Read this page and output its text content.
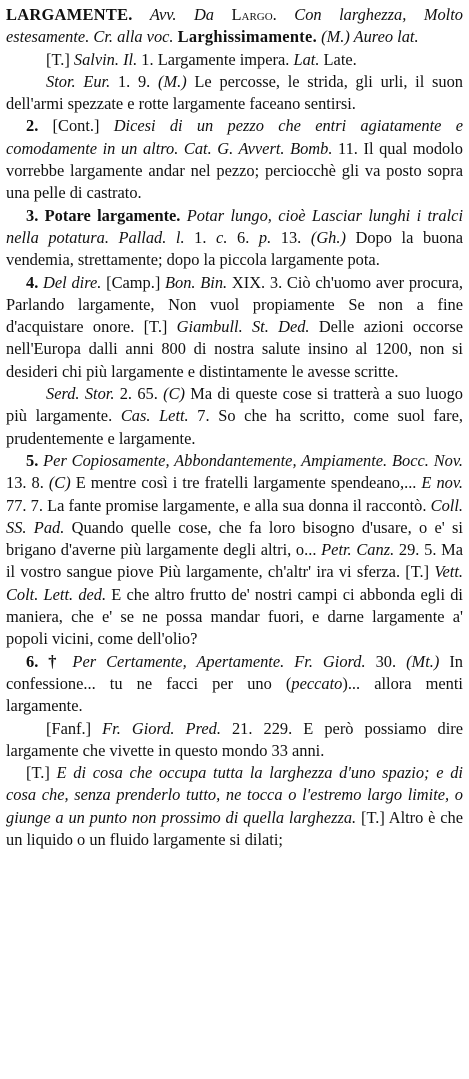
LARGAMENTE. Avv. Da Largo. Con larghezza, Molto estesamente. Cr. alla voc. Larghissimamente. (M.) Aureo lat.

[T.] Salvin. Il. 1. Largamente impera. Lat. Late.

Stor. Eur. 1. 9. (M.) Le percosse, le strida, gli urli, il suon dell'armi spezzate e rotte largamente faceano sentirsi.

2. [Cont.] Dicesi di un pezzo che entri agiatamente e comodamente in un altro. Cat. G. Avvert. Bomb. 11. Il qual modolo vorrebbe largamente andar nel pezzo; perciocchè gli va posto sopra una pelle di castrato.

3. Potare largamente. Potar lungo, cioè Lasciar lunghi i tralci nella potatura. Pallad. l. 1. c. 6. p. 13. (Gh.) Dopo la buona vendemia, strettamente; dopo la piccola largamente pota.

4. Del dire. [Camp.] Bon. Bin. XIX. 3. Ciò ch'uomo aver procura, Parlando largamente, Non vuol propiamente Se non a fine d'acquistare onore. [T.] Giambull. St. Ded. Delle azioni occorse nell'Europa dalli anni 800 di nostra salute insino al 1200, non si desideri chi più largamente e distintamente le avesse scritte.

Serd. Stor. 2. 65. (C) Ma di queste cose si tratterà a suo luogo più largamente. Cas. Lett. 7. So che ha scritto, come suol fare, prudentemente e largamente.

5. Per Copiosamente, Abbondantemente, Ampiamente. Bocc. Nov. 13. 8. (C) E mentre così i tre fratelli largamente spendeano,... E nov. 77. 7. La fante promise largamente, e alla sua donna il raccontò. Coll. SS. Pad. Quando quelle cose, che fa loro bisogno d'usare, o e' si brigano d'averne più largamente degli altri, o... Petr. Canz. 29. 5. Ma il vostro sangue piove Più largamente, ch'altr' ira vi sferza. [T.] Vett. Colt. Lett. ded. E che altro frutto de' nostri campi ci abbonda egli di maniera, che e' se ne possa mandar fuori, e darne largamente a' popoli vicini, come dell'olio?

6. † Per Certamente, Apertamente. Fr. Giord. 30. (Mt.) In confessione... tu ne facci per uno (peccato)... allora menti largamente.

[Fanf.] Fr. Giord. Pred. 21. 229. E però possiamo dire largamente che vivette in questo mondo 33 anni.

[T.] E di cosa che occupa tutta la larghezza d'uno spazio; e di cosa che, senza prenderlo tutto, ne tocca o l'estremo largo limite, o giunge a un punto non prossimo di quella larghezza. [T.] Altro è che un liquido o un fluido largamente si dilati;
